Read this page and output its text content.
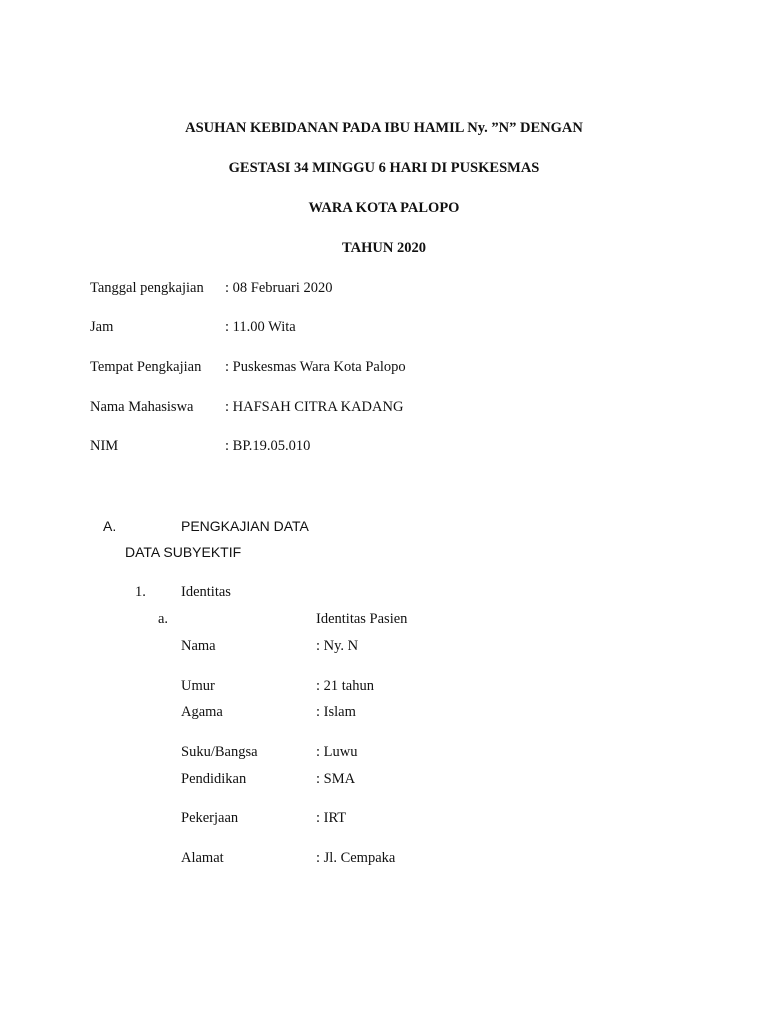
ASUHAN KEBIDANAN PADA IBU HAMIL Ny. ”N” DENGAN
GESTASI 34 MINGGU 6 HARI DI PUSKESMAS
WARA KOTA PALOPO
TAHUN 2020
Tanggal pengkajian : 08 Februari 2020
Jam	: 11.00 Wita
Tempat Pengkajian : Puskesmas Wara Kota Palopo
Nama Mahasiswa : HAFSAH CITRA KADANG
NIM	: BP.19.05.010
A.	PENGKAJIAN DATA
DATA SUBYEKTIF
1. Identitas
a.	Identitas Pasien
Nama	: Ny. N
Umur	: 21 tahun
Agama	: Islam
Suku/Bangsa	: Luwu
Pendidikan	: SMA
Pekerjaan	: IRT
Alamat	: Jl. Cempaka
